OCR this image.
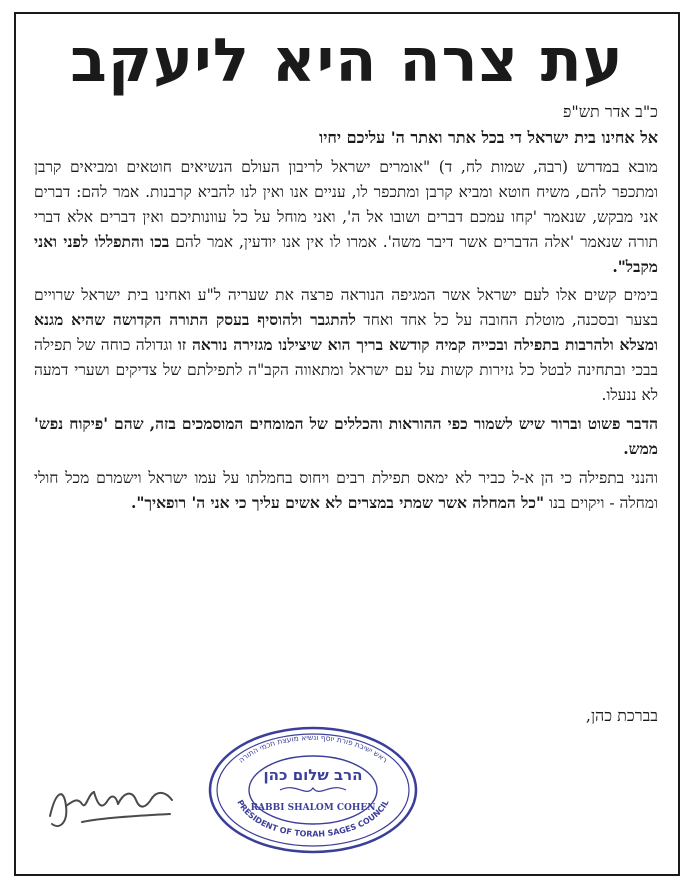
עת צרה היא ליעקב
כ"ב אדר תש"פ

אל אחינו בית ישראל די בכל אתר ואתר ה' עליכם יחיו

מובא במדרש (רבה, שמות לח, ד) "אומרים ישראל לריבון העולם הנשיאים חוטאים ומביאים קרבן ומתכפר להם, משיח חוטא ומביא קרבן ומתכפר לו, עניים אנו ואין לנו להביא קרבנות. אמר להם: דברים אני מבקש, שנאמר 'קחו עמכם דברים ושובו אל ה', ואני מוחל על כל עוונותיכם ואין דברים אלא דברי תורה שנאמר 'אלה הדברים אשר דיבר משה'. אמרו לו אין אנו יודעין, אמר להם בכו והתפללו לפני ואני מקבל".

בימים קשים אלו לעם ישראל אשר המגיפה הנוראה פרצה את שעריה ל"ע ואחינו בית ישראל שרויים בצער ובסכנה, מוטלת החובה על כל אחד ואחד להתגבר ולהוסיף בעסק התורה הקדושה שהיא מגנא ומצלא ולהרבות בתפילה ובכייה קמיה קודשא בריך הוא שיצילנו מגזירה נוראה זו וגדולה כוחה של תפילה בבכי ובתחינה לבטל כל גזירות קשות על עם ישראל ומתאווה הקב"ה לתפילתם של צדיקים ושערי דמעה לא ננעלו.

הדבר פשוט וברור שיש לשמור כפי ההוראות והכללים של המומחים המוסמכים בזה, שהם 'פיקוח נפש' ממש.

והנני בתפילה כי הן א-ל כביר לא ימאס תפילת רבים ויחוס בחמלתו על עמו ישראל וישמרם מכל חולי ומחלה - ויקוים בנו "כל המחלה אשר שמתי במצרים לא אשים עליך כי אני ה' רופאיך".

בברכת כהן,
ראש ישיבת פורת יוסף ונשיא מועצת חכמי התורה
PRESIDENT OF TORAH SAGES COUNCIL
הרב שלום כהן
RABBI SHALOM COHEN
